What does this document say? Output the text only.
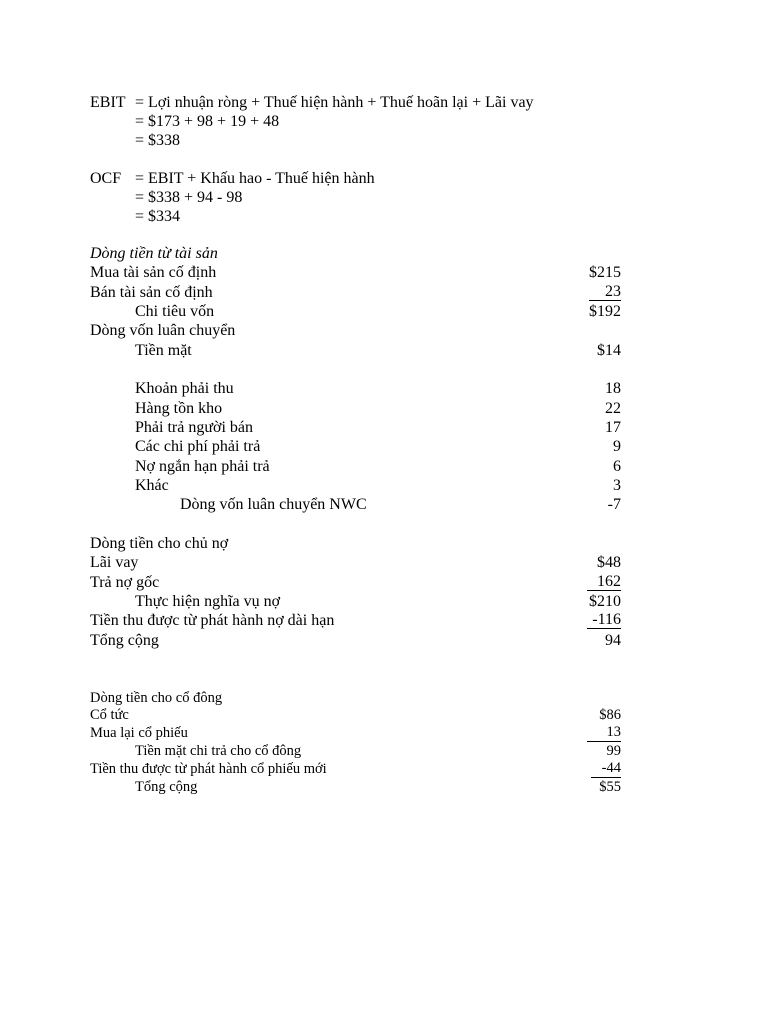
EBIT = Lợi nhuận ròng + Thuế hiện hành + Thuế hoãn lại + Lãi vay
= $173 + 98 + 19 + 48
= $338
OCF = EBIT + Khấu hao - Thuế hiện hành
= $338 + 94 - 98
= $334
Dòng tiền từ tài sản
Mua tài sản cố định	$215
Bán tài sản cố định	23
Chi tiêu vốn	$192
Dòng vốn luân chuyển
Tiền mặt	$14
Khoản phải thu	18
Hàng tồn kho	22
Phải trả người bán	17
Các chi phí phải trả	9
Nợ ngắn hạn phải trả	6
Khác	3
Dòng vốn luân chuyển NWC	-7
Dòng tiền cho chủ nợ
Lãi vay	$48
Trả nợ gốc	162
Thực hiện nghĩa vụ nợ	$210
Tiền thu được từ phát hành nợ dài hạn	-116
Tổng cộng	94
Dòng tiền cho cổ đông
Cổ tức	$86
Mua lại cổ phiếu	13
Tiền mặt chi trả cho cổ đông	99
Tiền thu được từ phát hành cổ phiếu mới	-44
Tổng cộng	$55
